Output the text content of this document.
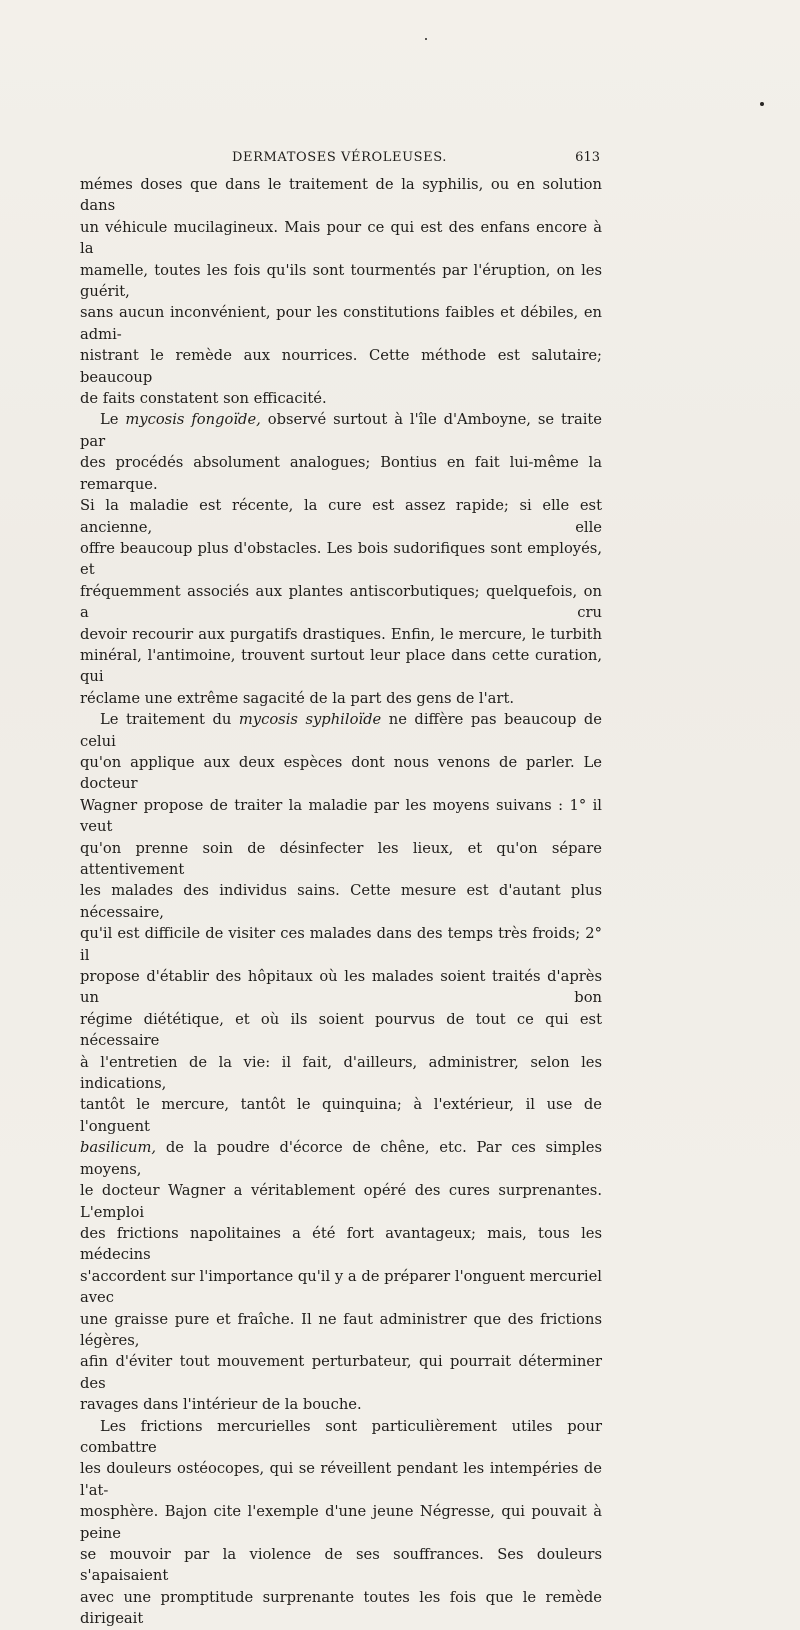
DERMATOSES VÉROLEUSES.	613

mémes doses que dans le traitement de la syphilis, ou en solution dans

un véhicule mucilagineux. Mais pour ce qui est des enfans encore à la

mamelle, toutes les fois qu'ils sont tourmentés par l'éruption, on les guérit,

sans aucun inconvénient, pour les constitutions faibles et débiles, en admi-

nistrant le remède aux nourrices. Cette méthode est salutaire; beaucoup

de faits constatent son efficacité.

Le mycosis fongoïde, observé surtout à l'île d'Amboyne, se traite par

des procédés absolument analogues; Bontius en fait lui-même la remarque.

Si la maladie est récente, la cure est assez rapide; si elle est ancienne, elle

offre beaucoup plus d'obstacles. Les bois sudorifiques sont employés, et

fréquemment associés aux plantes antiscorbutiques; quelquefois, on a cru

devoir recourir aux purgatifs drastiques. Enfin, le mercure, le turbith

minéral, l'antimoine, trouvent surtout leur place dans cette curation, qui

réclame une extrême sagacité de la part des gens de l'art.

Le traitement du mycosis syphiloïde ne diffère pas beaucoup de celui

qu'on applique aux deux espèces dont nous venons de parler. Le docteur

Wagner propose de traiter la maladie par les moyens suivans : 1° il veut

qu'on prenne soin de désinfecter les lieux, et qu'on sépare attentivement

les malades des individus sains. Cette mesure est d'autant plus nécessaire,

qu'il est difficile de visiter ces malades dans des temps très froids; 2° il

propose d'établir des hôpitaux où les malades soient traités d'après un bon

régime diététique, et où ils soient pourvus de tout ce qui est nécessaire

à l'entretien de la vie: il fait, d'ailleurs, administrer, selon les indications,

tantôt le mercure, tantôt le quinquina; à l'extérieur, il use de l'onguent

basilicum, de la poudre d'écorce de chêne, etc. Par ces simples moyens,

le docteur Wagner a véritablement opéré des cures surprenantes. L'emploi

des frictions napolitaines a été fort avantageux; mais, tous les médecins

s'accordent sur l'importance qu'il y a de préparer l'onguent mercuriel avec

une graisse pure et fraîche. Il ne faut administrer que des frictions légères,

afin d'éviter tout mouvement perturbateur, qui pourrait déterminer des

ravages dans l'intérieur de la bouche.

Les frictions mercurielles sont particulièrement utiles pour combattre

les douleurs ostéocopes, qui se réveillent pendant les intempéries de l'at-

mosphère. Bajon cite l'exemple d'une jeune Négresse, qui pouvait à peine

se mouvoir par la violence de ses souffrances. Ses douleurs s'apaisaient

avec une promptitude surprenante toutes les fois que le remède dirigeait
